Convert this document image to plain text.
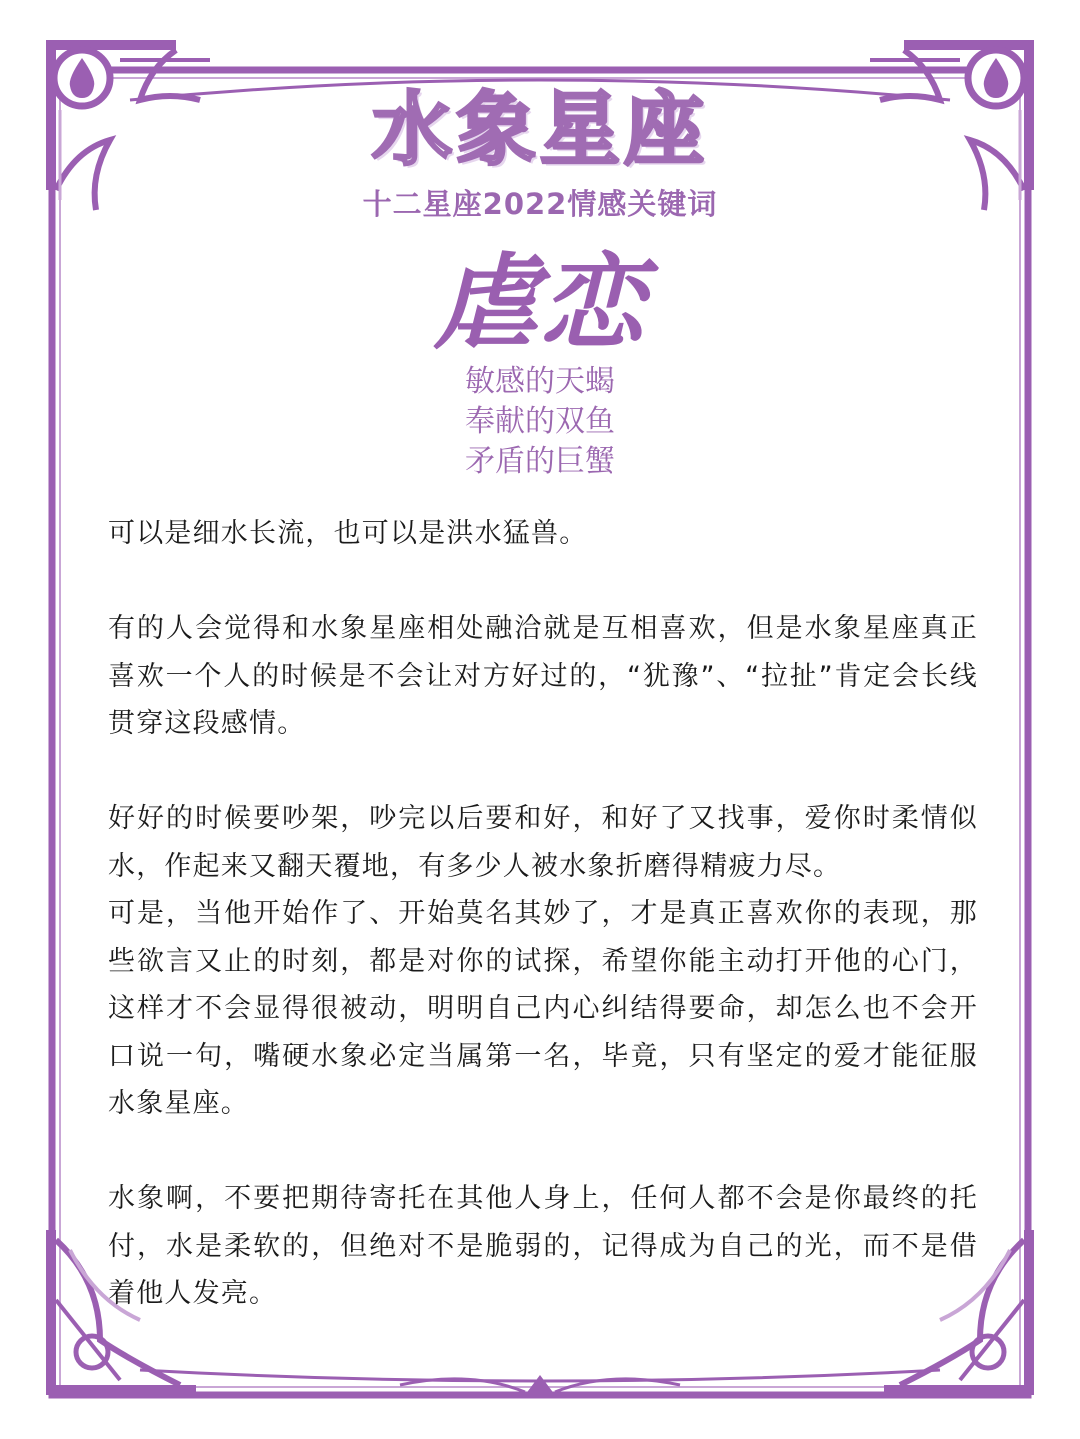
水象星座
十二星座2022情感关键词
虐恋
敏感的天蝎
奉献的双鱼
矛盾的巨蟹

可以是细水长流，也可以是洪水猛兽。

有的人会觉得和水象星座相处融洽就是互相喜欢，但是水象星座真正喜欢一个人的时候是不会让对方好过的，“犹豫”、“拉扯”肯定会长线贯穿这段感情。

好好的时候要吵架，吵完以后要和好，和好了又找事，爱你时柔情似水，作起来又翻天覆地，有多少人被水象折磨得精疲力尽。

可是，当他开始作了、开始莫名其妙了，才是真正喜欢你的表现，那些欲言又止的时刻，都是对你的试探，希望你能主动打开他的心门，这样才不会显得很被动，明明自己内心纠结得要命，却怎么也不会开口说一句，嘴硬水象必定当属第一名，毕竟，只有坚定的爱才能征服水象星座。

水象啊，不要把期待寄托在其他人身上，任何人都不会是你最终的托付，水是柔软的，但绝对不是脆弱的，记得成为自己的光，而不是借着他人发亮。
